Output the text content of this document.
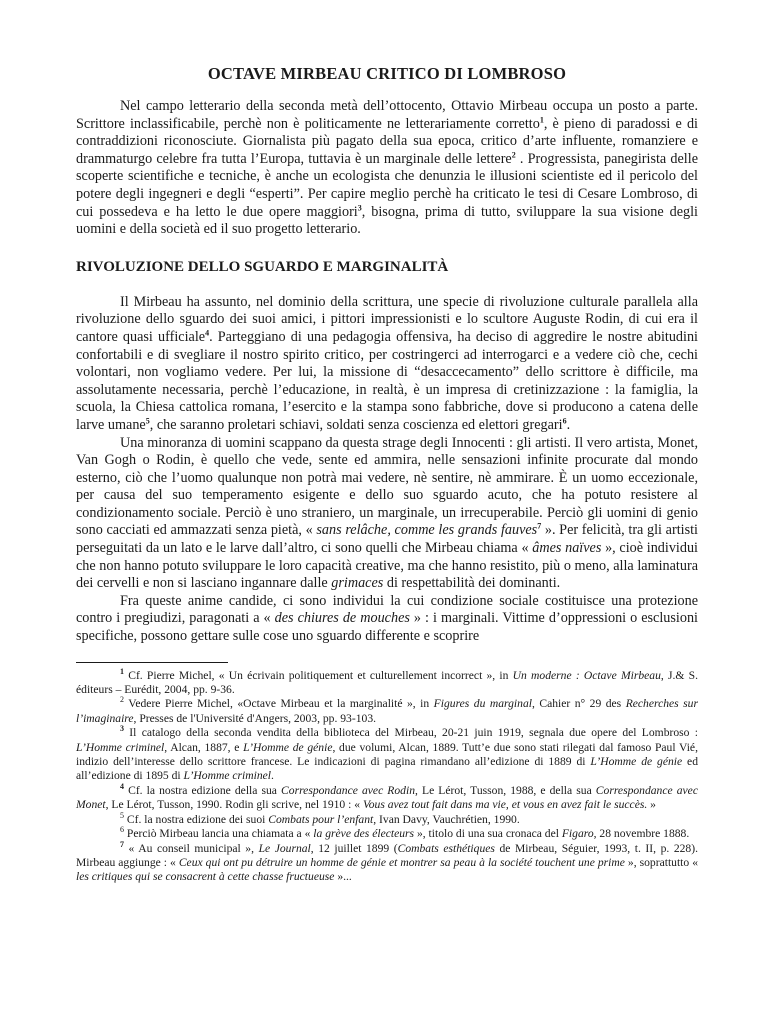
OCTAVE MIRBEAU CRITICO DI LOMBROSO

Nel campo letterario della seconda metà dell’ottocento, Ottavio Mirbeau occupa un posto a parte. Scrittore inclassificabile, perchè non è politicamente ne letterariamente corretto$^1$, è pieno di paradossi e di contraddizioni riconosciute. Giornalista più pagato della sua epoca, critico d’arte influente, romanziere e drammaturgo celebre fra tutta l’Europa, tuttavia è un marginale delle lettere$^2$ . Progressista, panegirista delle scoperte scientifiche e tecniche, è anche un ecologista che denunzia le illusioni scientiste ed il pericolo del potere degli ingegneri e degli “esperti”. Per capire meglio perchè ha criticato le tesi di Cesare Lombroso, di cui possedeva e ha letto le due opere maggiori$^3$, bisogna, prima di tutto, sviluppare la sua visione degli uomini e della società ed il suo progetto letterario.

RIVOLUZIONE DELLO SGUARDO E MARGINALITÀ

Il Mirbeau ha assunto, nel dominio della scrittura, une specie di rivoluzione culturale parallela alla rivoluzione dello sguardo dei suoi amici, i pittori impressionisti e lo scultore Auguste Rodin, di cui era il cantore quasi ufficiale$^4$. Parteggiano di una pedagogia offensiva, ha deciso di aggredire le nostre abitudini confortabili e di svegliare il nostro spirito critico, per costringerci ad interrogarci e a vedere ciò che, cechi volontari, non vogliamo vedere. Per lui, la missione di “desaccecamento” dello scrittore è difficile, ma assolutamente necessaria, perchè l’educazione, in realtà, è un impresa di cretinizzazione : la famiglia, la scuola, la Chiesa cattolica romana, l’esercito e la stampa sono fabbriche, dove si producono a catena delle larve umane$^5$, che saranno proletari schiavi, soldati senza coscienza ed elettori gregari$^6$.

Una minoranza di uomini scappano da questa strage degli Innocenti : gli artisti. Il vero artista, Monet, Van Gogh o Rodin, è quello che vede, sente ed ammira, nelle sensazioni infinite procurate dal mondo esterno, ciò che l’uomo qualunque non potrà mai vedere, nè sentire, nè ammirare. È un uomo eccezionale, per causa del suo temperamento esigente e dello suo sguardo acuto, che ha potuto resistere al condizionamento sociale. Perciò è uno straniero, un marginale, un irrecuperabile. Perciò gli uomini di genio sono cacciati ed ammazzati senza pietà, « sans relâche, comme les grands fauves$^7$ ». Per felicità, tra gli artisti perseguitati da un lato e le larve dall’altro, ci sono quelli che Mirbeau chiama « âmes naïves », cioè individui che non hanno potuto sviluppare le loro capacità creative, ma che hanno resistito, più o meno, alla laminatura dei cervelli e non si lasciano ingannare dalle grimaces di respettabilità dei dominanti.

Fra queste anime candide, ci sono individui la cui condizione sociale costituisce una protezione contro i pregiudizi, paragonati a « des chiures de mouches » : i marginali. Vittime d’oppressioni o esclusioni specifiche, possono gettare sulle cose uno sguardo differente e scoprire

$^1$ Cf. Pierre Michel, « Un écrivain politiquement et culturellement incorrect », in Un moderne : Octave Mirbeau, J.& S. éditeurs – Eurédit, 2004, pp. 9-36.

$^2$ Vedere Pierre Michel, «Octave Mirbeau et la marginalité », in Figures du marginal, Cahier n° 29 des Recherches sur l’imaginaire, Presses de l'Université d'Angers, 2003, pp. 93-103.

$^3$ Il catalogo della seconda vendita della biblioteca del Mirbeau, 20-21 juin 1919, segnala due opere del Lombroso : L’Homme criminel, Alcan, 1887, e L’Homme de génie, due volumi, Alcan, 1889. Tutt’e due sono stati rilegati dal famoso Paul Vié, indizio dell’interesse dello scrittore francese. Le indicazioni di pagina rimandano all’edizione di 1889 di L’Homme de génie ed all’edizione di 1895 di L’Homme criminel.

$^4$ Cf. la nostra edizione della sua Correspondance avec Rodin, Le Lérot, Tusson, 1988, e della sua Correspondance avec Monet, Le Lérot, Tusson, 1990. Rodin gli scrive, nel 1910 : « Vous avez tout fait dans ma vie, et vous en avez fait le succès. »

$^5$ Cf. la nostra edizione dei suoi Combats pour l’enfant, Ivan Davy, Vauchrétien, 1990.

$^6$ Perciò Mirbeau lancia una chiamata a « la grève des électeurs », titolo di una sua cronaca del Figaro, 28 novembre 1888.

$^7$ « Au conseil municipal », Le Journal, 12 juillet 1899 (Combats esthétiques de Mirbeau, Séguier, 1993, t. II, p. 228). Mirbeau aggiunge : « Ceux qui ont pu détruire un homme de génie et montrer sa peau à la société touchent une prime », soprattutto « les critiques qui se consacrent à cette chasse fructueuse »...
